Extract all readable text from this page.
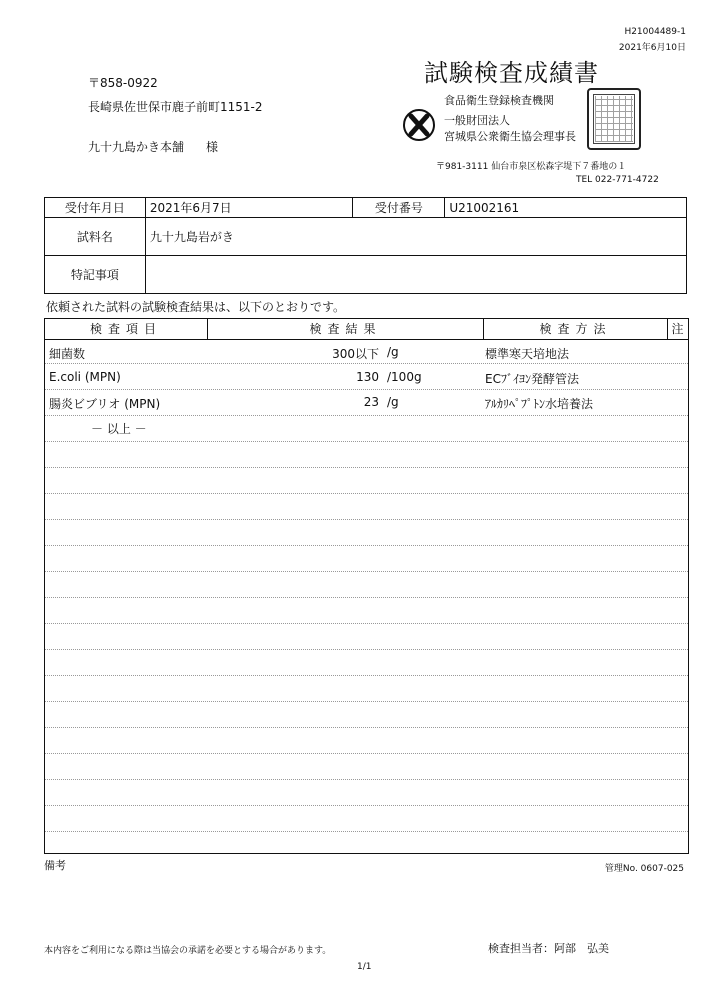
H21004489-1
2021年6月10日
試験検査成績書
〒858-0922
長崎県佐世保市鹿子前町1151-2
九十九島かき本舗 様
食品衛生登録検査機関
一般財団法人
宮城県公衆衛生協会理事長
〒981-3111 仙台市泉区松森字堤下７番地の１
TEL 022-771-4722
受付年月日	2021年6月7日	受付番号	U21002161
試料名	九十九島岩がき		
特記事項			
依頼された試料の試験検査結果は、以下のとおりです。
検査項目	検査結果	検査方法	注
細菌数	300以下 /g	標準寒天培地法
E.coli (MPN)	130 /100g	ECﾌﾞｲﾖﾝ発酵管法
腸炎ビブリオ (MPN)	23 /g	ｱﾙｶﾘﾍﾟﾌﾟﾄﾝ水培養法
－ 以上 －
備考	管理No. 0607-025
本内容をご利用になる際は当協会の承諾を必要とする場合があります。	検査担当者：阿部　弘美
1/1
